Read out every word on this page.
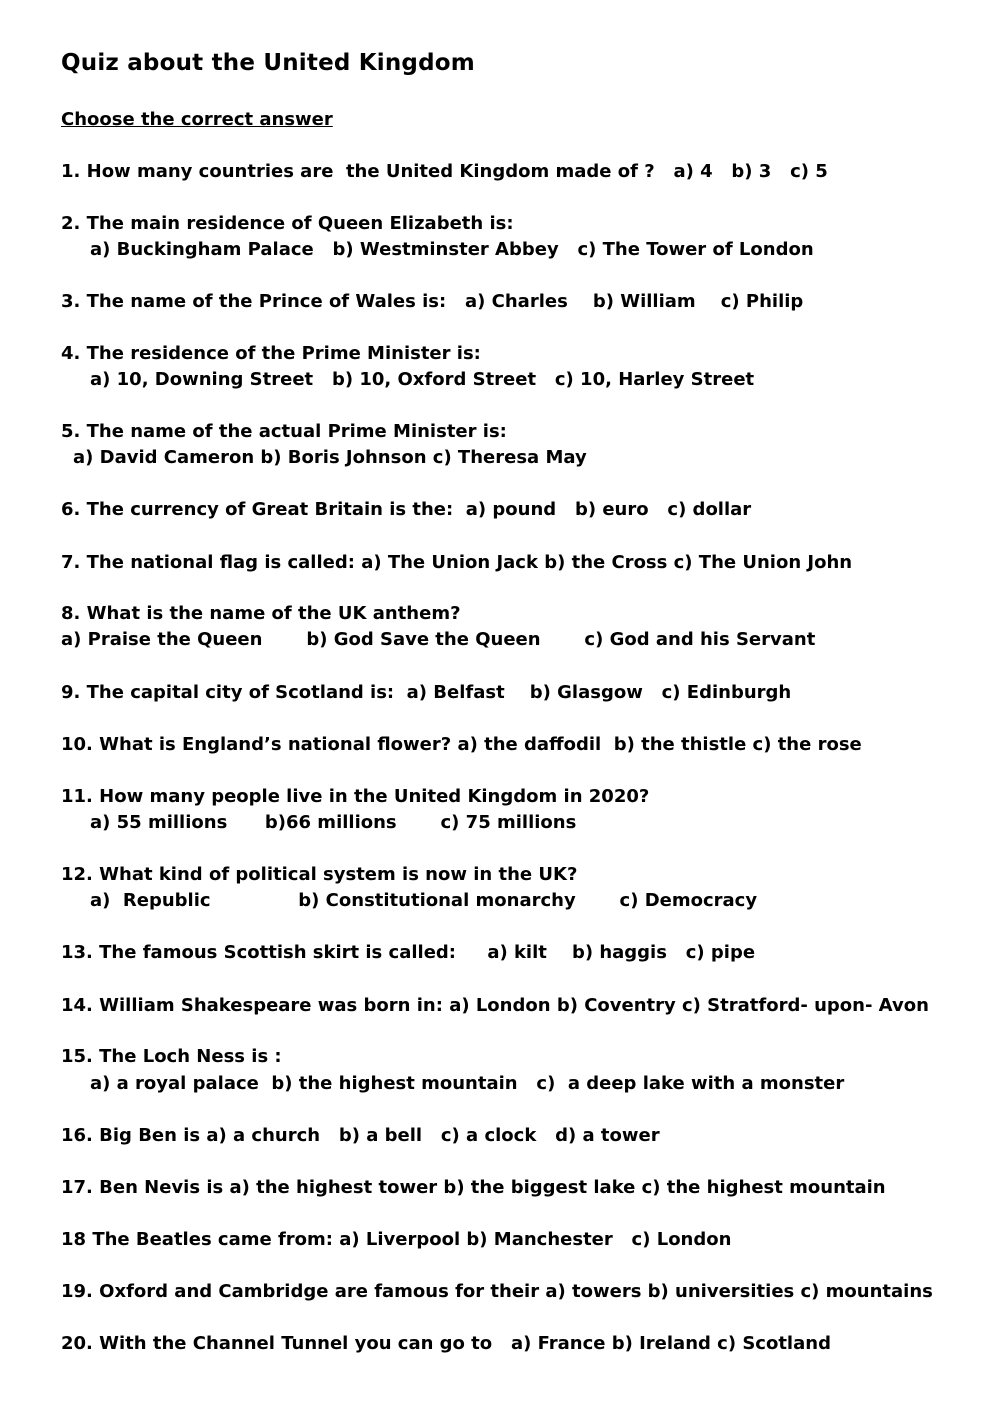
Quiz about the United Kingdom
Choose the correct answer
1. How many countries are  the United Kingdom made of ?   a) 4   b) 3   c) 5
2. The main residence of Queen Elizabeth is:
a) Buckingham Palace   b) Westminster Abbey   c) The Tower of London
3. The name of the Prince of Wales is:   a) Charles    b) William    c) Philip
4. The residence of the Prime Minister is:
a) 10, Downing Street   b) 10, Oxford Street   c) 10, Harley Street
5. The name of the actual Prime Minister is:
a) David Cameron b) Boris Johnson c) Theresa May
6. The currency of Great Britain is the:  a) pound   b) euro   c) dollar
7. The national flag is called: a) The Union Jack b) the Cross c) The Union John
8. What is the name of the UK anthem?
a) Praise the Queen       b) God Save the Queen       c) God and his Servant
9. The capital city of Scotland is:  a) Belfast    b) Glasgow   c) Edinburgh
10. What is England’s national flower? a) the daffodil  b) the thistle c) the rose
11. How many people live in the United Kingdom in 2020?
a) 55 millions      b)66 millions       c) 75 millions
12. What kind of political system is now in the UK?
a)  Republic              b) Constitutional monarchy       c) Democracy
13. The famous Scottish skirt is called:     a) kilt    b) haggis   c) pipe
14. William Shakespeare was born in: a) London b) Coventry c) Stratford- upon- Avon
15. The Loch Ness is :
a) a royal palace  b) the highest mountain   c)  a deep lake with a monster
16. Big Ben is a) a church   b) a bell   c) a clock   d) a tower
17. Ben Nevis is a) the highest tower b) the biggest lake c) the highest mountain
18 The Beatles came from: a) Liverpool b) Manchester   c) London
19. Oxford and Cambridge are famous for their a) towers b) universities c) mountains
20. With the Channel Tunnel you can go to   a) France b) Ireland c) Scotland
